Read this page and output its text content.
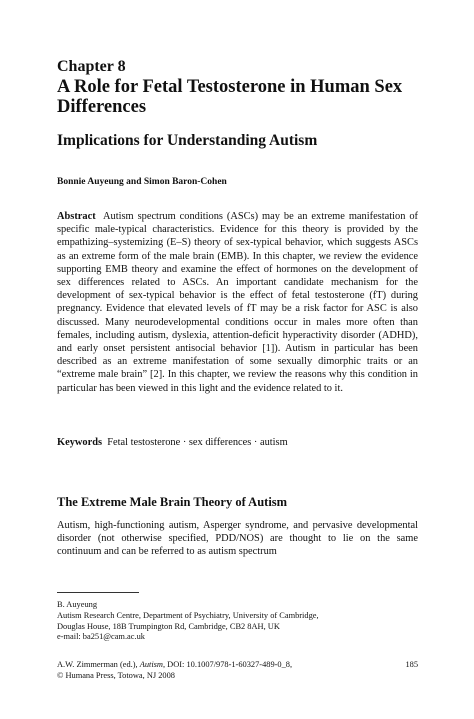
Chapter 8
A Role for Fetal Testosterone in Human Sex Differences
Implications for Understanding Autism
Bonnie Auyeung and Simon Baron-Cohen
Abstract Autism spectrum conditions (ASCs) may be an extreme manifestation of specific male-typical characteristics. Evidence for this theory is provided by the empathizing–systemizing (E–S) theory of sex-typical behavior, which suggests ASCs as an extreme form of the male brain (EMB). In this chapter, we review the evidence supporting EMB theory and examine the effect of hormones on the development of sex differences related to ASCs. An important candidate mechanism for the development of sex-typical behavior is the effect of fetal testosterone (fT) during pregnancy. Evidence that elevated levels of fT may be a risk factor for ASC is also discussed. Many neurodevelopmental conditions occur in males more often than females, including autism, dyslexia, attention-deficit hyperactivity disorder (ADHD), and early onset persistent antisocial behavior [1]). Autism in particular has been described as an extreme manifestation of some sexually dimorphic traits or an “extreme male brain” [2]. In this chapter, we review the reasons why this condition in particular has been viewed in this light and the evidence related to it.
Keywords Fetal testosterone · sex differences · autism
The Extreme Male Brain Theory of Autism
Autism, high-functioning autism, Asperger syndrome, and pervasive developmental disorder (not otherwise specified, PDD/NOS) are thought to lie on the same continuum and can be referred to as autism spectrum
B. Auyeung
Autism Research Centre, Department of Psychiatry, University of Cambridge,
Douglas House, 18B Trumpington Rd, Cambridge, CB2 8AH, UK
e-mail: ba251@cam.ac.uk
A.W. Zimmerman (ed.), Autism, DOI: 10.1007/978-1-60327-489-0_8,
© Humana Press, Totowa, NJ 2008
185
